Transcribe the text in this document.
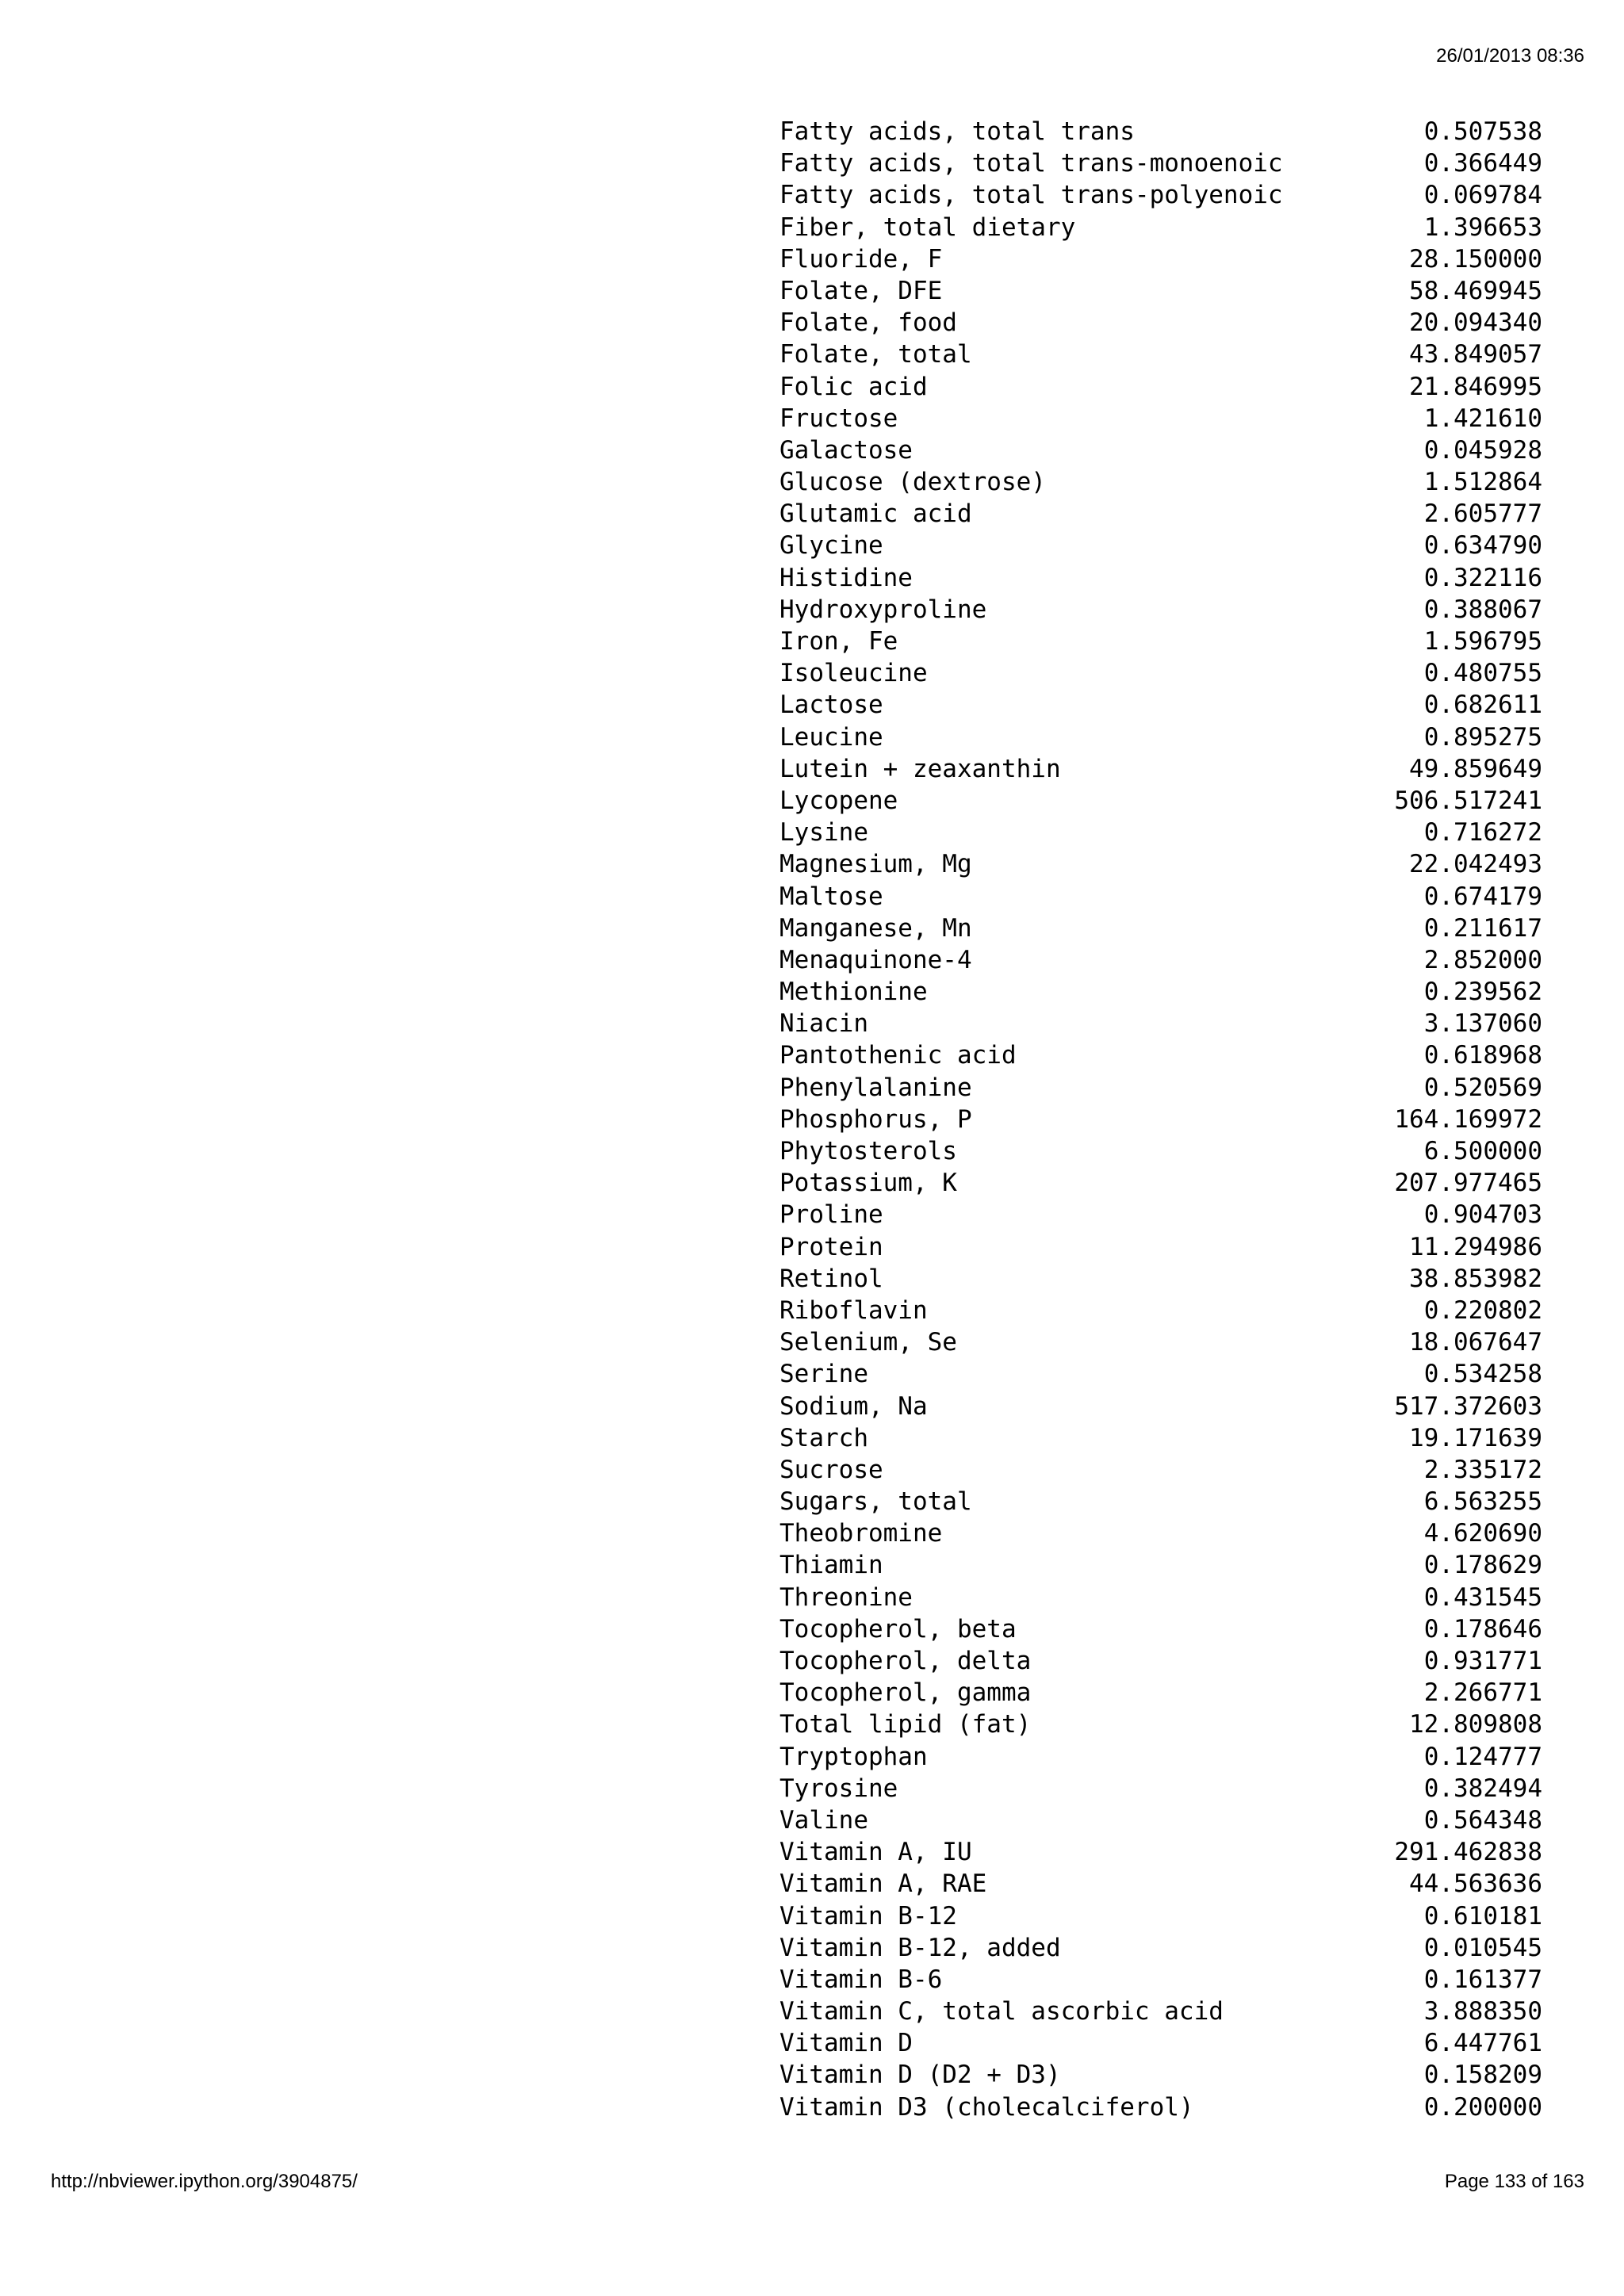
26/01/2013 08:36
Fatty acids, total trans	0.507538
Fatty acids, total trans-monoenoic	0.366449
Fatty acids, total trans-polyenoic	0.069784
Fiber, total dietary	1.396653
Fluoride, F	28.150000
Folate, DFE	58.469945
Folate, food	20.094340
Folate, total	43.849057
Folic acid	21.846995
Fructose	1.421610
Galactose	0.045928
Glucose (dextrose)	1.512864
Glutamic acid	2.605777
Glycine	0.634790
Histidine	0.322116
Hydroxyproline	0.388067
Iron, Fe	1.596795
Isoleucine	0.480755
Lactose	0.682611
Leucine	0.895275
Lutein + zeaxanthin	49.859649
Lycopene	506.517241
Lysine	0.716272
Magnesium, Mg	22.042493
Maltose	0.674179
Manganese, Mn	0.211617
Menaquinone-4	2.852000
Methionine	0.239562
Niacin	3.137060
Pantothenic acid	0.618968
Phenylalanine	0.520569
Phosphorus, P	164.169972
Phytosterols	6.500000
Potassium, K	207.977465
Proline	0.904703
Protein	11.294986
Retinol	38.853982
Riboflavin	0.220802
Selenium, Se	18.067647
Serine	0.534258
Sodium, Na	517.372603
Starch	19.171639
Sucrose	2.335172
Sugars, total	6.563255
Theobromine	4.620690
Thiamin	0.178629
Threonine	0.431545
Tocopherol, beta	0.178646
Tocopherol, delta	0.931771
Tocopherol, gamma	2.266771
Total lipid (fat)	12.809808
Tryptophan	0.124777
Tyrosine	0.382494
Valine	0.564348
Vitamin A, IU	291.462838
Vitamin A, RAE	44.563636
Vitamin B-12	0.610181
Vitamin B-12, added	0.010545
Vitamin B-6	0.161377
Vitamin C, total ascorbic acid	3.888350
Vitamin D	6.447761
Vitamin D (D2 + D3)	0.158209
Vitamin D3 (cholecalciferol)	0.200000
http://nbviewer.ipython.org/3904875/	Page 133 of 163
